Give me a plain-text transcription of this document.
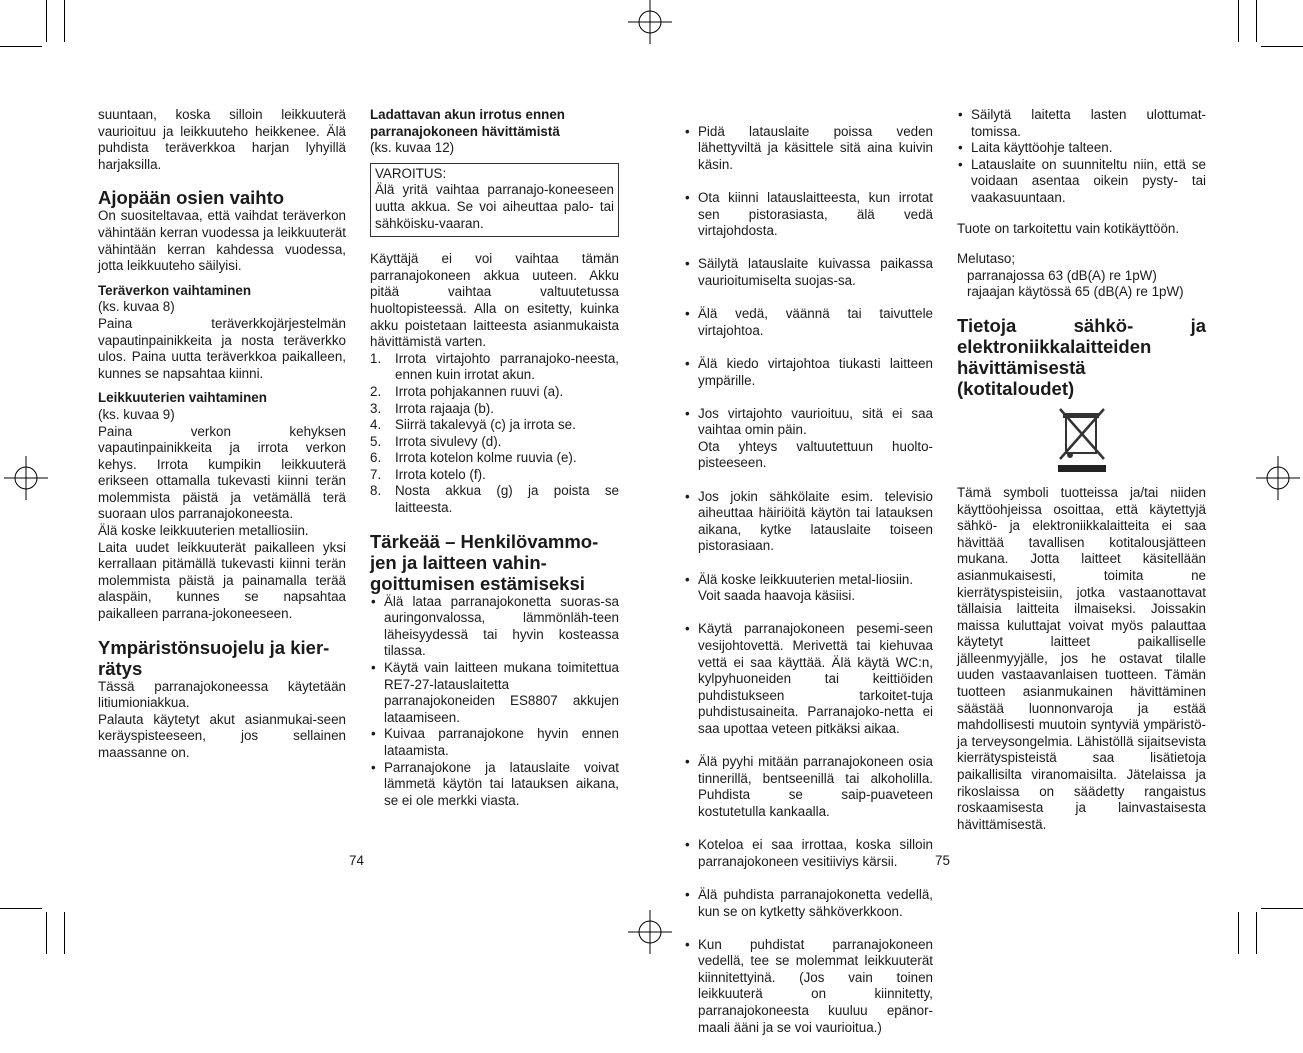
suuntaan, koska silloin leikkuuterä vaurioituu ja leikkuuteho heikkenee. Älä puhdista teräverkkoa harjan lyhyillä harjaksilla.

Ajopään osien vaihto

On suositeltavaa, että vaihdat teräverkon vähintään kerran vuodessa ja leikkuuterät vähintään kerran kahdessa vuodessa, jotta leikkuuteho säilyisi.

Teräverkon vaihtaminen

(ks. kuvaa 8)

Paina teräverkkojärjestelmän vapautinpainikkeita ja nosta teräverkko ulos. Paina uutta teräverkkoa paikalleen, kunnes se napsahtaa kiinni.

Leikkuuterien vaihtaminen

(ks. kuvaa 9)

Paina verkon kehyksen vapautinpainikkeita ja irrota verkon kehys. Irrota kumpikin leikkuuterä erikseen ottamalla tukevasti kiinni terän molemmista päistä ja vetämällä terä suoraan ulos parranajokoneesta.

Älä koske leikkuuterien metalliosiin.

Laita uudet leikkuuterät paikalleen yksi kerrallaan pitämällä tukevasti kiinni terän molemmista päistä ja painamalla terää alaspäin, kunnes se napsahtaa paikalleen parrana-jokoneeseen.

Ympäristönsuojelu ja kier-rätys

Tässä parranajokoneessa käytetään litiumioniakkua.

Palauta käytetyt akut asianmukai-seen keräyspisteeseen, jos sellainen maassanne on.

Ladattavan akun irrotus ennen parranajokoneen hävittämistä

(ks. kuvaa 12)

VAROITUS:

Älä yritä vaihtaa parranajo-koneeseen uutta akkua. Se voi aiheuttaa palo- tai sähköisku-vaaran.

Käyttäjä ei voi vaihtaa tämän parranajokoneen akkua uuteen. Akku pitää vaihtaa valtuutetussa huoltopisteessä. Alla on esitetty, kuinka akku poistetaan laitteesta asianmukaista hävittämistä varten.

1. Irrota virtajohto parranajoko-neesta, ennen kuin irrotat akun.
2. Irrota pohjakannen ruuvi (a).
3. Irrota rajaaja (b).
4. Siirrä takalevyä (c) ja irrota se.
5. Irrota sivulevy (d).
6. Irrota kotelon kolme ruuvia (e).
7. Irrota kotelo (f).
8. Nosta akkua (g) ja poista se laitteesta.
Tärkeää – Henkilövammo-jen ja laitteen vahin-goittumisen estämiseksi
• Älä lataa parranajokonetta suoras-sa auringonvalossa, lämmönläh-teen läheisyydessä tai hyvin kosteassa tilassa.
• Käytä vain laitteen mukana toimitettua RE7-27-latauslaitetta parranajokoneiden ES8807 akkujen lataamiseen.
• Kuivaa parranajokone hyvin ennen lataamista.
• Parranajokone ja latauslaite voivat lämmetä käytön tai latauksen aikana, se ei ole merkki viasta.
74

• Pidä latauslaite poissa veden lähettyviltä ja käsittele sitä aina kuivin käsin.

• Ota kiinni latauslaitteesta, kun irrotat sen pistorasiasta, älä vedä virtajohdosta.

• Säilytä latauslaite kuivassa paikassa vaurioitumiselta suojas-sa.

• Älä vedä, väännä tai taivuttele virtajohtoa.

• Älä kiedo virtajohtoa tiukasti laitteen ympärille.

• Jos virtajohto vaurioituu, sitä ei saa vaihtaa omin päin.
Ota yhteys valtuutettuun huolto-pisteeseen.

• Jos jokin sähkölaite esim. televisio aiheuttaa häiriöitä käytön tai latauksen aikana, kytke latauslaite toiseen pistorasiaan.

• Älä koske leikkuuterien metal-liosiin.
Voit saada haavoja käsiisi.

• Käytä parranajokoneen pesemi-seen vesijohtovettä. Merivettä tai kiehuvaa vettä ei saa käyttää. Älä käytä WC:n, kylpyhuoneiden tai keittiöiden puhdistukseen tarkoitet-tuja puhdistusaineita. Parranajoko-netta ei saa upottaa veteen pitkäksi aikaa.

• Älä pyyhi mitään parranajokoneen osia tinnerillä, bentseenillä tai alkoholilla. Puhdista se saip-puaveteen kostutetulla kankaalla.

• Koteloa ei saa irrottaa, koska silloin parranajokoneen vesitiiviys kärsii.

• Älä puhdista parranajokonetta vedellä, kun se on kytketty sähköverkkoon.

• Kun puhdistat parranajokoneen vedellä, tee se molemmat leikkuuterät kiinnitettyinä. (Jos vain toinen leikkuuterä on kiinnitetty, parranajokoneesta kuuluu epänor-maali ääni ja se voi vaurioitua.)

• Säilytä laitetta lasten ulottumat-tomissa.
• Laita käyttöohje talteen.
• Latauslaite on suunniteltu niin, että se voidaan asentaa oikein pysty- tai vaakasuuntaan.

Tuote on tarkoitettu vain kotikäyttöön.

Melutaso;

parranajossa 63 (dB(A) re 1pW)

rajaajan käytössä 65 (dB(A) re 1pW)

Tietoja sähkö- ja elektroniikkalaitteiden hävittämisestä (kotitaloudet)

Tämä symboli tuotteissa ja/tai niiden käyttöohjeissa osoittaa, että käytettyjä sähkö- ja elektroniikkalaitteita ei saa hävittää tavallisen kotitalousjätteen mukana. Jotta laitteet käsitellään asianmukaisesti, toimita ne kierrätyspisteisiin, jotka vastaanottavat tällaisia laitteita ilmaiseksi. Joissakin maissa kuluttajat voivat myös palauttaa käytetyt laitteet paikalliselle jälleenmyyjälle, jos he ostavat tilalle uuden vastaavanlaisen tuotteen. Tämän tuotteen asianmukainen hävittäminen säästää luonnonvaroja ja estää mahdollisesti muutoin syntyviä ympäristö- ja terveysongelmia. Lähistöllä sijaitsevista kierrätyspisteistä saa lisätietoja paikallisilta viranomaisilta. Jätelaissa ja rikoslaissa on säädetty rangaistus roskaamisesta ja lainvastaisesta hävittämisestä.

75
